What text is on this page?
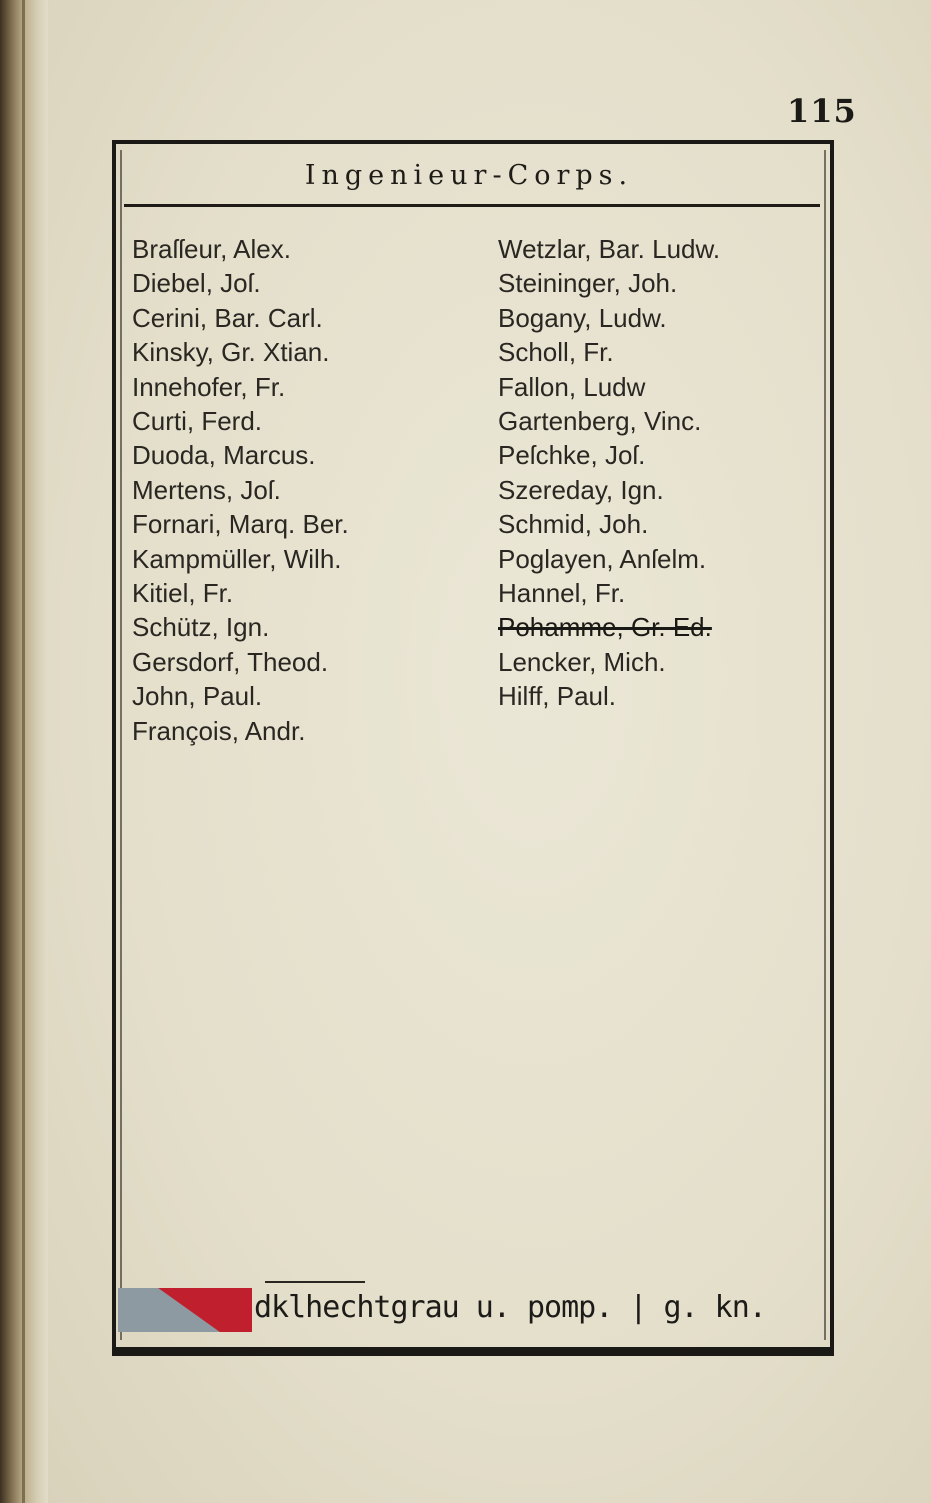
115
Ingenieur-Corps.
Braſſeur, Alex.
Diebel, Joſ.
Cerini, Bar. Carl.
Kinsky, Gr. Xtian.
Innehofer, Fr.
Curti, Ferd.
Duoda, Marcus.
Mertens, Joſ.
Fornari, Marq. Ber.
Kampmüller, Wilh.
Kitiel, Fr.
Schütz, Ign.
Gersdorf, Theod.
John, Paul.
François, Andr.
Wetzlar, Bar. Ludw.
Steininger, Joh.
Bogany, Ludw.
Scholl, Fr.
Fallon, Ludw
Gartenberg, Vinc.
Peſchke, Joſ.
Szereday, Ign.
Schmid, Joh.
Poglayen, Anſelm.
Hannel, Fr.
Pohamme, Gr. Ed.
Lencker, Mich.
Hilff, Paul.
dklhechtgrau u. pomp. | g. kn.
